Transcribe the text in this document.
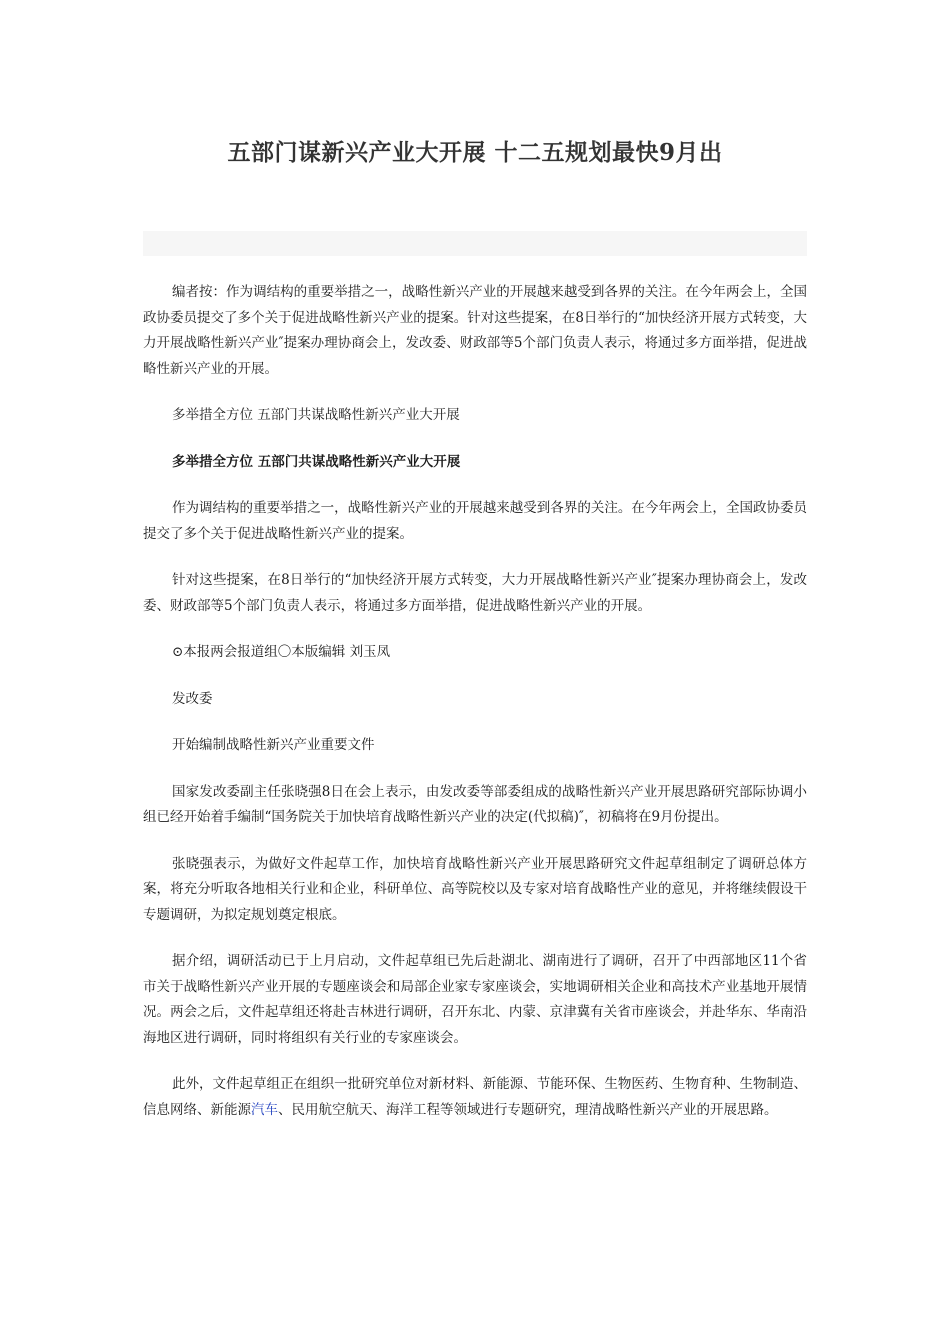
五部门谋新兴产业大开展 十二五规划最快9月出

编者按：作为调结构的重要举措之一，战略性新兴产业的开展越来越受到各界的关注。在今年两会上，全国政协委员提交了多个关于促进战略性新兴产业的提案。针对这些提案，在8日举行的“加快经济开展方式转变，大力开展战略性新兴产业″提案办理协商会上，发改委、财政部等5个部门负责人表示，将通过多方面举措，促进战略性新兴产业的开展。

多举措全方位 五部门共谋战略性新兴产业大开展

多举措全方位 五部门共谋战略性新兴产业大开展

作为调结构的重要举措之一，战略性新兴产业的开展越来越受到各界的关注。在今年两会上，全国政协委员提交了多个关于促进战略性新兴产业的提案。

针对这些提案，在8日举行的“加快经济开展方式转变，大力开展战略性新兴产业″提案办理协商会上，发改委、财政部等5个部门负责人表示，将通过多方面举措，促进战略性新兴产业的开展。

⊙本报两会报道组〇本版编辑 刘玉凤

发改委

开始编制战略性新兴产业重要文件

国家发改委副主任张晓强8日在会上表示，由发改委等部委组成的战略性新兴产业开展思路研究部际协调小组已经开始着手编制“国务院关于加快培育战略性新兴产业的决定(代拟稿)″，初稿将在9月份提出。

张晓强表示，为做好文件起草工作，加快培育战略性新兴产业开展思路研究文件起草组制定了调研总体方案，将充分听取各地相关行业和企业，科研单位、高等院校以及专家对培育战略性产业的意见，并将继续假设干专题调研，为拟定规划奠定根底。

据介绍，调研活动已于上月启动，文件起草组已先后赴湖北、湖南进行了调研，召开了中西部地区11个省市关于战略性新兴产业开展的专题座谈会和局部企业家专家座谈会，实地调研相关企业和高技术产业基地开展情况。两会之后，文件起草组还将赴吉林进行调研，召开东北、内蒙、京津冀有关省市座谈会，并赴华东、华南沿海地区进行调研，同时将组织有关行业的专家座谈会。

此外，文件起草组正在组织一批研究单位对新材料、新能源、节能环保、生物医药、生物育种、生物制造、信息网络、新能源汽车、民用航空航天、海洋工程等领域进行专题研究，理清战略性新兴产业的开展思路。
